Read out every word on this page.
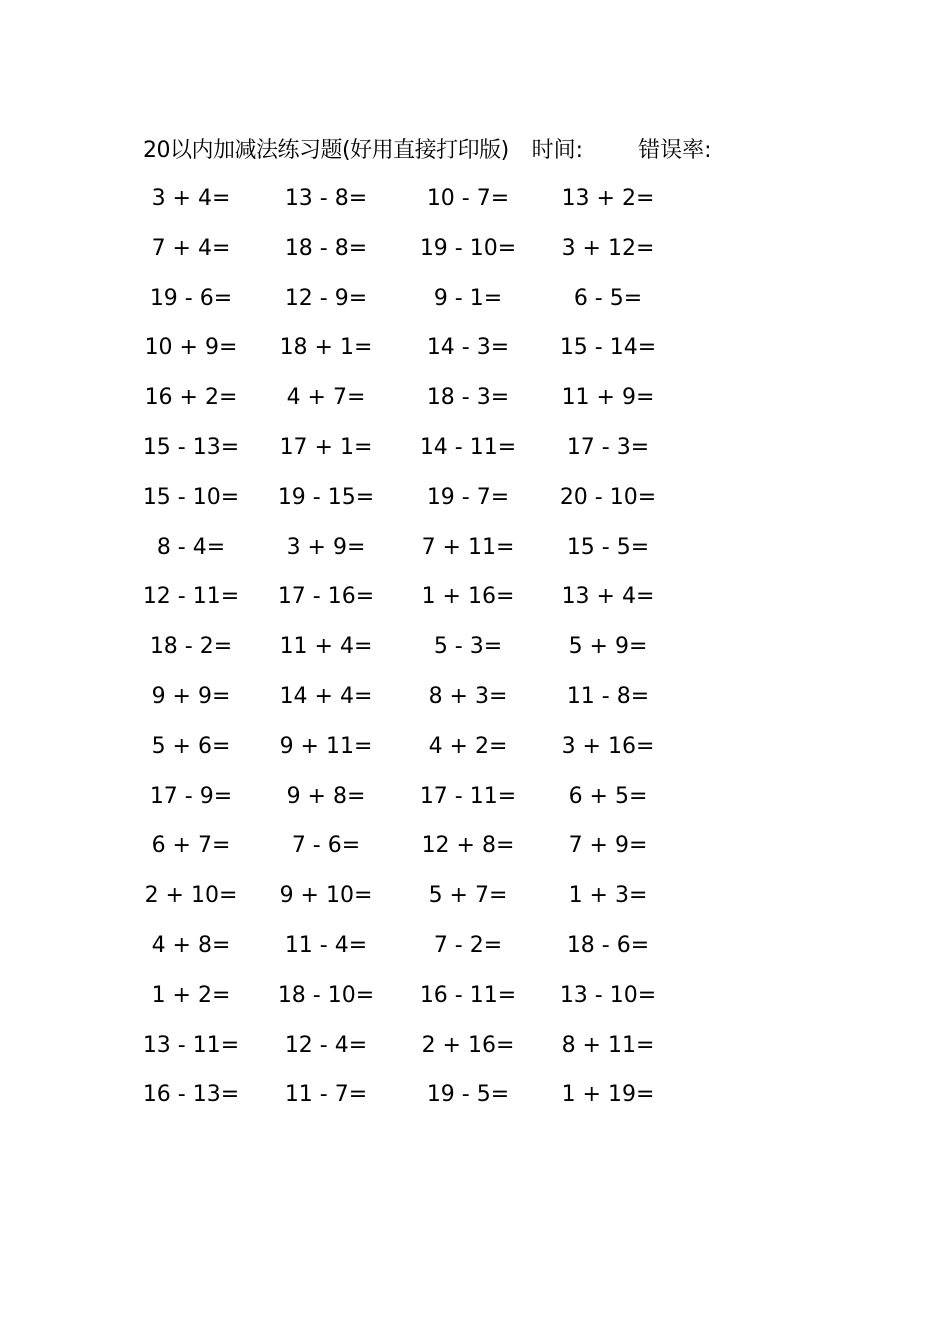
20以内加减法练习题(好用直接打印版) 时间:	错误率:
3 + 4= 13 - 8=	10 - 7= 13 + 2=
7 + 4= 18 - 8= 19 - 10= 3 + 12=
19 - 6= 12 - 9=	9 - 1=	6 - 5=
10 + 9= 18 + 1= 14 - 3= 15 - 14=
16 + 2= 4 + 7=	18 - 3= 11 + 9=
15 - 13= 17 + 1= 14 - 11= 17 - 3=
15 - 10= 19 - 15= 19 - 7= 20 - 10=
8 - 4=	3 + 9=	7 + 11= 15 - 5=
12 - 11= 17 - 16= 1 + 16= 13 + 4=
18 - 2= 11 + 4=	5 - 3=	5 + 9=
9 + 9= 14 + 4=	8 + 3=	11 - 8=
5 + 6= 9 + 11=	4 + 2= 3 + 16=
17 - 9= 9 + 8= 17 - 11= 6 + 5=
6 + 7=	7 - 6=	12 + 8= 7 + 9=
2 + 10= 9 + 10=	5 + 7=	1 + 3=
4 + 8= 11 - 4=	7 - 2=	18 - 6=
1 + 2= 18 - 10= 16 - 11= 13 - 10=
13 - 11= 12 - 4= 2 + 16= 8 + 11=
16 - 13= 11 - 7=	19 - 5= 1 + 19=
